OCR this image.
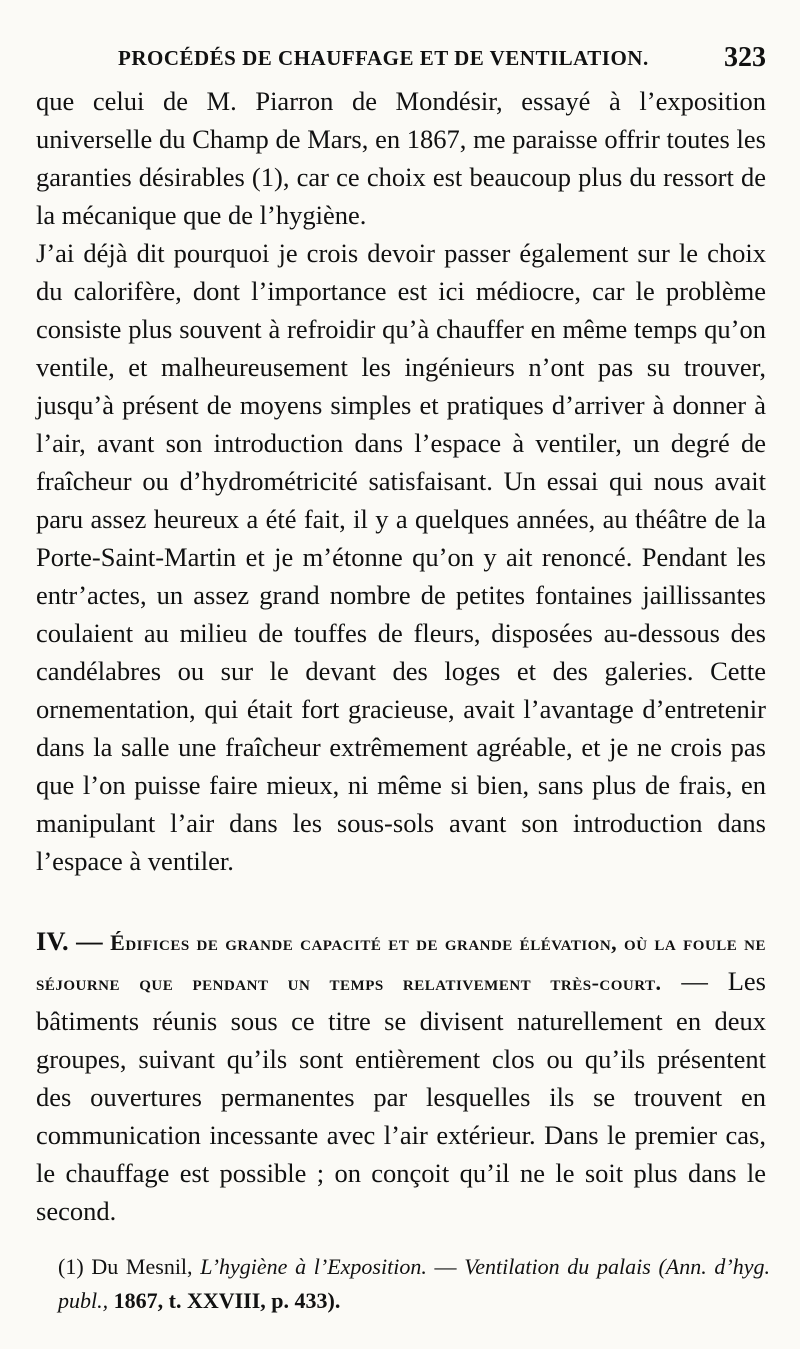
PROCÉDÉS DE CHAUFFAGE ET DE VENTILATION.	323

que celui de M. Piarron de Mondésir, essayé à l’exposition universelle du Champ de Mars, en 1867, me paraisse offrir toutes les garanties désirables (1), car ce choix est beaucoup plus du ressort de la mécanique que de l’hygiène.

J’ai déjà dit pourquoi je crois devoir passer également sur le choix du calorifère, dont l’importance est ici médiocre, car le problème consiste plus souvent à refroidir qu’à chauffer en même temps qu’on ventile, et malheureusement les ingénieurs n’ont pas su trouver, jusqu’à présent de moyens simples et pratiques d’arriver à donner à l’air, avant son introduction dans l’espace à ventiler, un degré de fraîcheur ou d’hydrométricité satisfaisant. Un essai qui nous avait paru assez heureux a été fait, il y a quelques années, au théâtre de la Porte-Saint-Martin et je m’étonne qu’on y ait renoncé. Pendant les entr’actes, un assez grand nombre de petites fontaines jaillissantes coulaient au milieu de touffes de fleurs, disposées au-dessous des candélabres ou sur le devant des loges et des galeries. Cette ornementation, qui était fort gracieuse, avait l’avantage d’entretenir dans la salle une fraîcheur extrêmement agréable, et je ne crois pas que l’on puisse faire mieux, ni même si bien, sans plus de frais, en manipulant l’air dans les sous-sols avant son introduction dans l’espace à ventiler.

IV. — Édifices de grande capacité et de grande élévation, où la foule ne séjourne que pendant un temps relativement très-court. — Les bâtiments réunis sous ce titre se divisent naturellement en deux groupes, suivant qu’ils sont entièrement clos ou qu’ils présentent des ouvertures permanentes par lesquelles ils se trouvent en communication incessante avec l’air extérieur. Dans le premier cas, le chauffage est possible ; on conçoit qu’il ne le soit plus dans le second.
(1) Du Mesnil, L’hygiène à l’Exposition. — Ventilation du palais (Ann. d’hyg. publ., 1867, t. XXVIII, p. 433).
